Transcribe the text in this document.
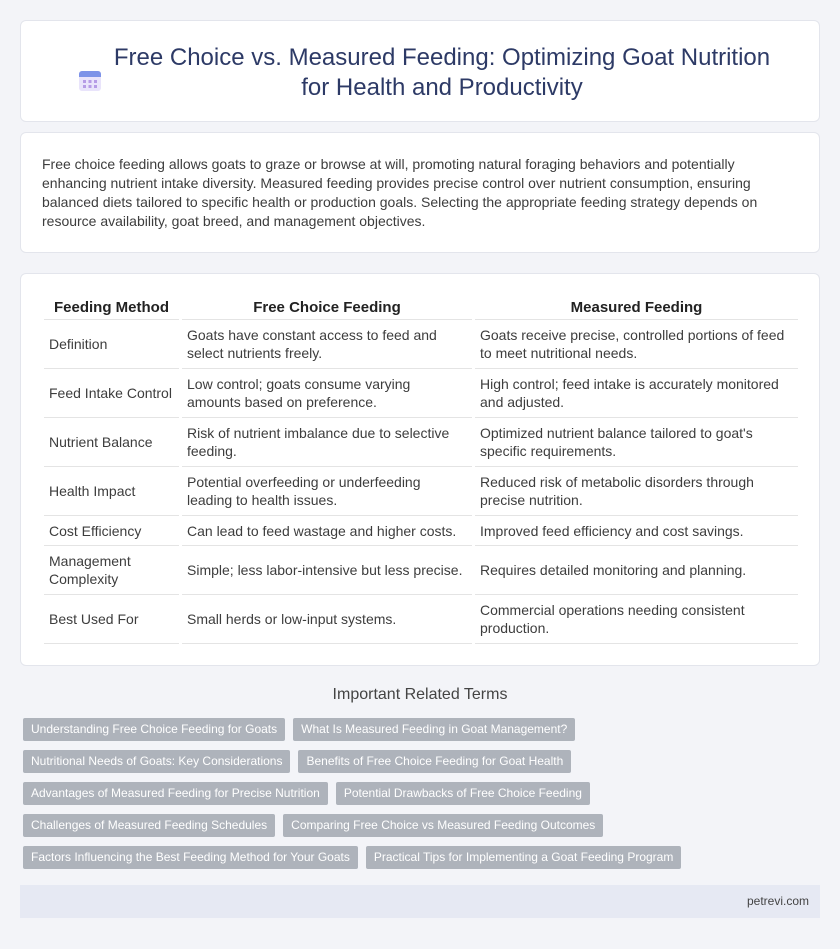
Free Choice vs. Measured Feeding: Optimizing Goat Nutrition for Health and Productivity

Free choice feeding allows goats to graze or browse at will, promoting natural foraging behaviors and potentially enhancing nutrient intake diversity. Measured feeding provides precise control over nutrient consumption, ensuring balanced diets tailored to specific health or production goals. Selecting the appropriate feeding strategy depends on resource availability, goat breed, and management objectives.

Feeding Method	Free Choice Feeding	Measured Feeding
Definition	Goats have constant access to feed and select nutrients freely.	Goats receive precise, controlled portions of feed to meet nutritional needs.
Feed Intake Control	Low control; goats consume varying amounts based on preference.	High control; feed intake is accurately monitored and adjusted.
Nutrient Balance	Risk of nutrient imbalance due to selective feeding.	Optimized nutrient balance tailored to goat's specific requirements.
Health Impact	Potential overfeeding or underfeeding leading to health issues.	Reduced risk of metabolic disorders through precise nutrition.
Cost Efficiency	Can lead to feed wastage and higher costs.	Improved feed efficiency and cost savings.
Management Complexity	Simple; less labor-intensive but less precise.	Requires detailed monitoring and planning.
Best Used For	Small herds or low-input systems.	Commercial operations needing consistent production.
Important Related Terms
Understanding Free Choice Feeding for Goats	What Is Measured Feeding in Goat Management?
Nutritional Needs of Goats: Key Considerations	Benefits of Free Choice Feeding for Goat Health
Advantages of Measured Feeding for Precise Nutrition	Potential Drawbacks of Free Choice Feeding
Challenges of Measured Feeding Schedules	Comparing Free Choice vs Measured Feeding Outcomes
Factors Influencing the Best Feeding Method for Your Goats	Practical Tips for Implementing a Goat Feeding Program
petrevi.com
